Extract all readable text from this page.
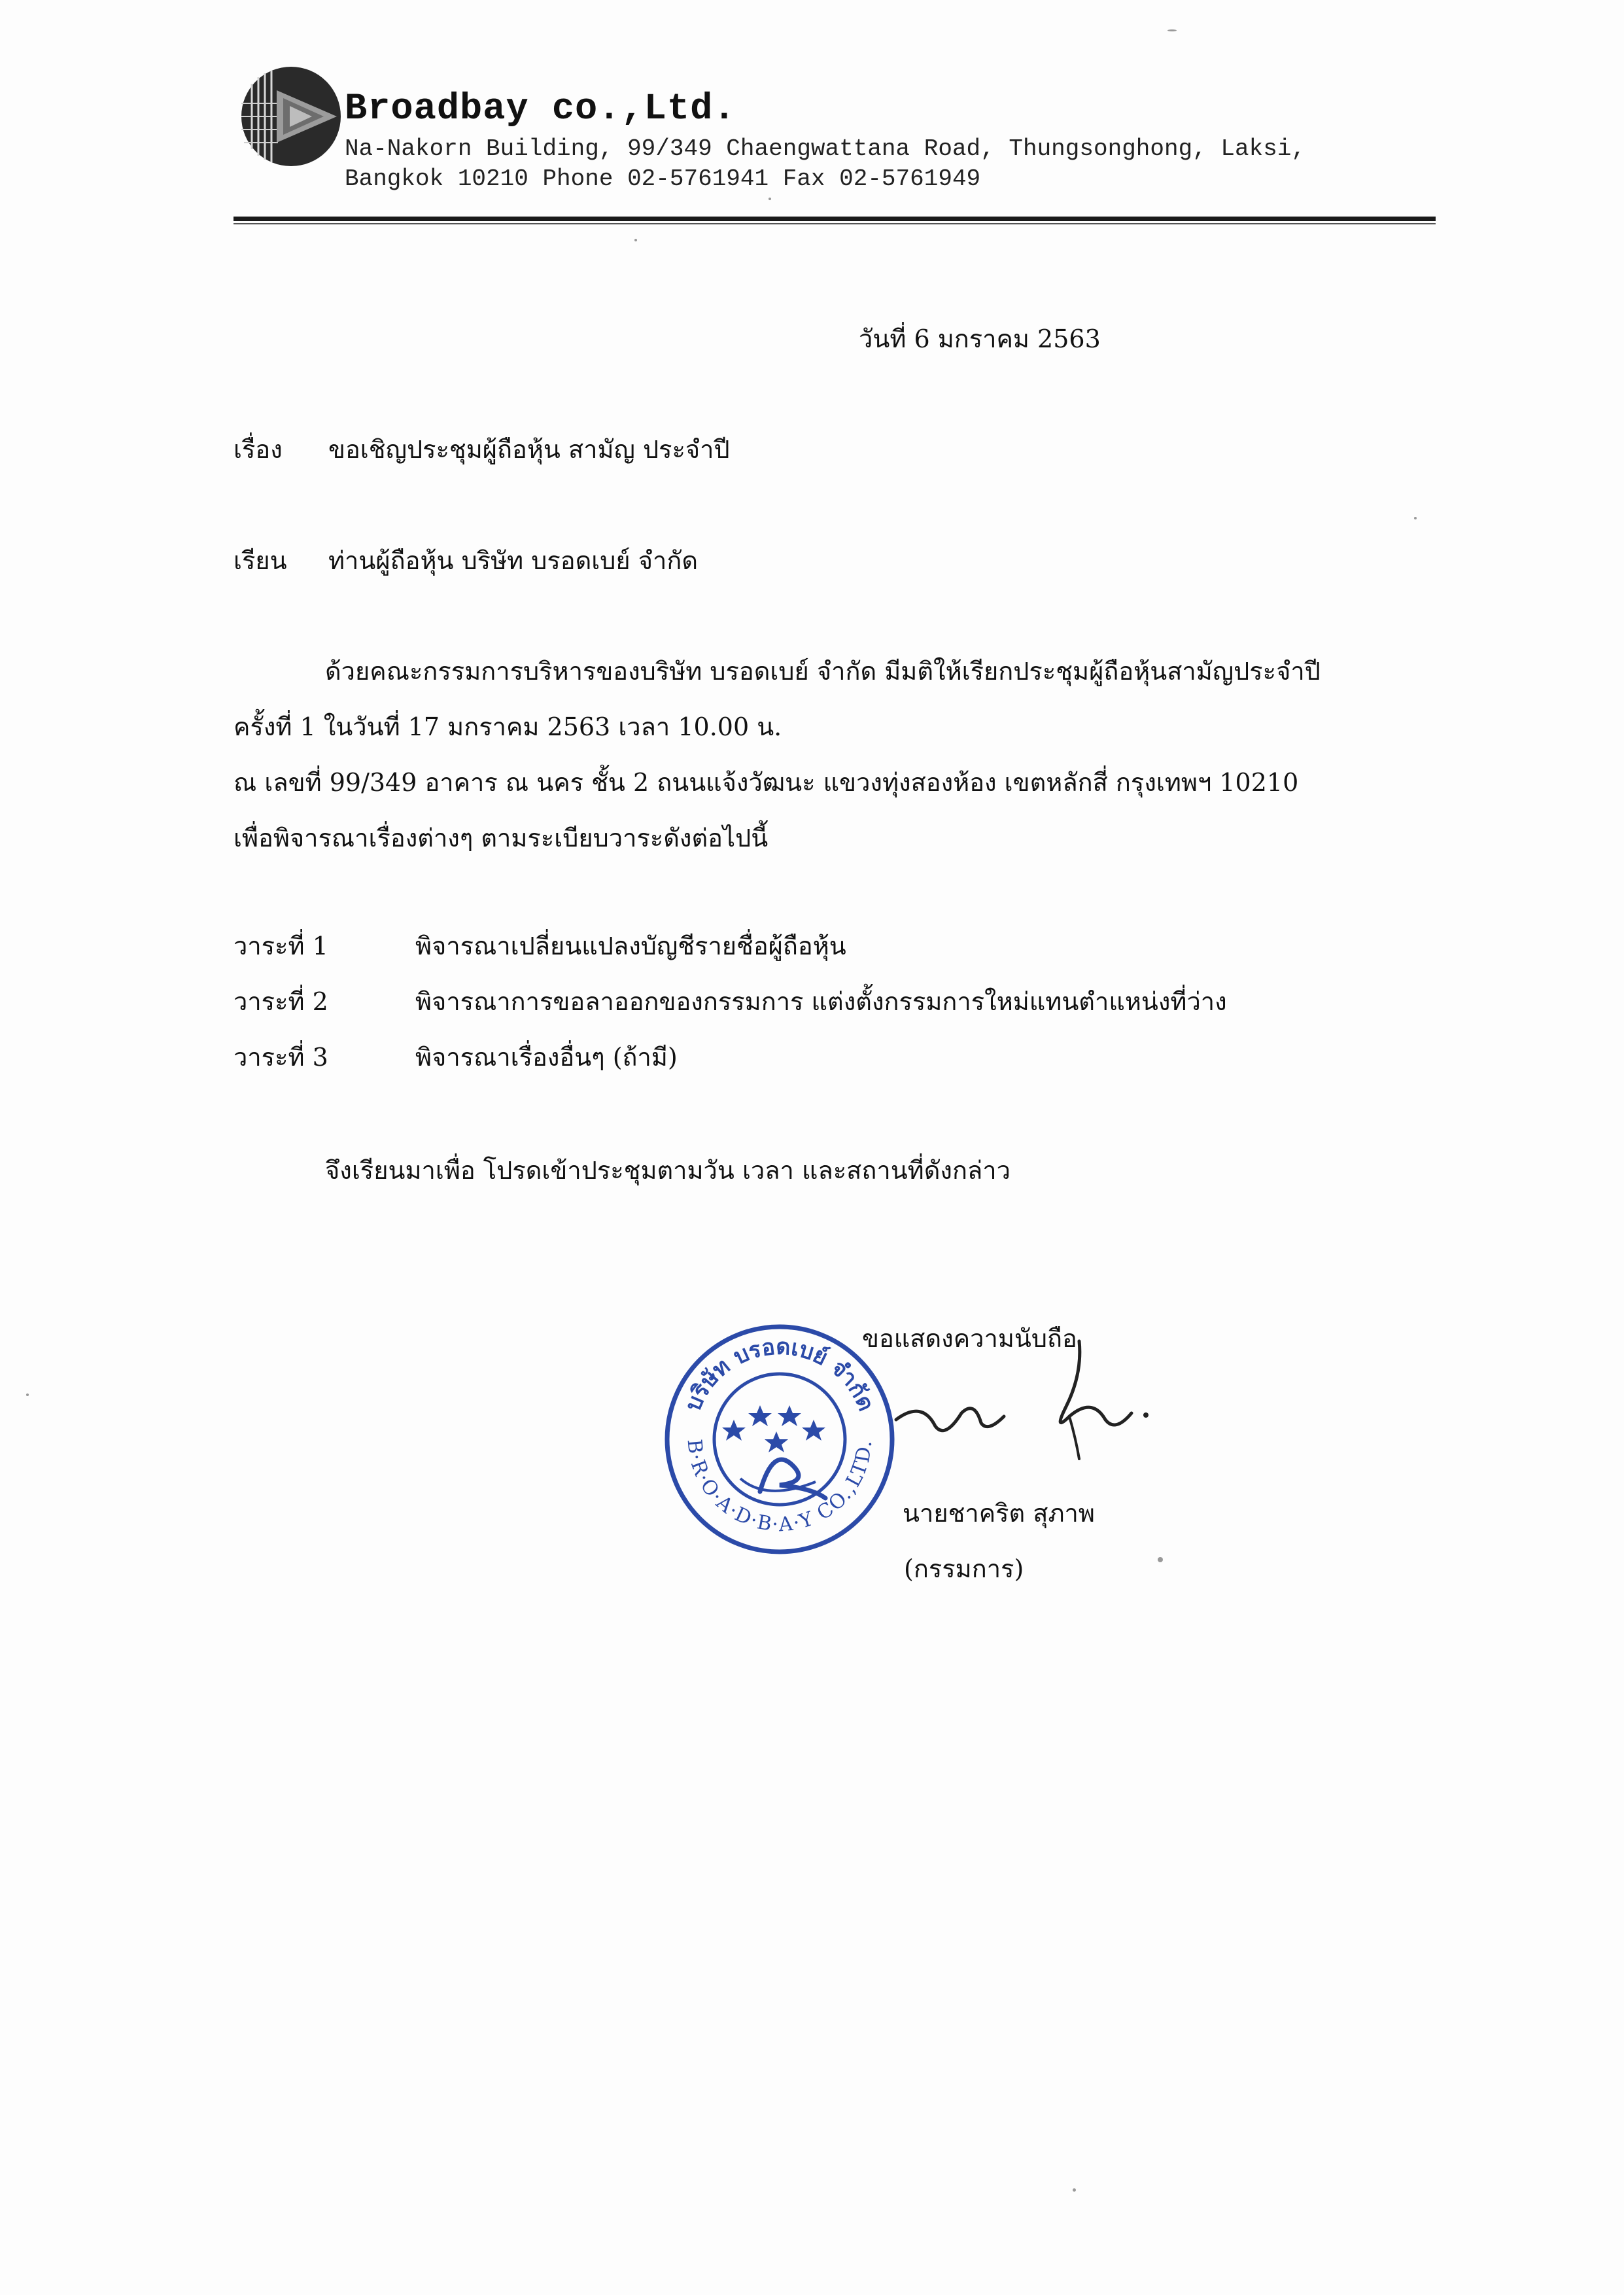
Broadbay co.,Ltd.
Na-Nakorn Building, 99/349 Chaengwattana Road, Thungsonghong, Laksi,
Bangkok 10210 Phone 02-5761941 Fax 02-5761949
วันที่ 6 มกราคม 2563
เรื่อง ขอเชิญประชุมผู้ถือหุ้น สามัญ ประจำปี
เรียน ท่านผู้ถือหุ้น บริษัท บรอดเบย์ จำกัด
ด้วยคณะกรรมการบริหารของบริษัท บรอดเบย์ จำกัด มีมติให้เรียกประชุมผู้ถือหุ้นสามัญประจำปี
ครั้งที่ 1 ในวันที่ 17 มกราคม 2563 เวลา 10.00 น.
ณ เลขที่ 99/349 อาคาร ณ นคร ชั้น 2 ถนนแจ้งวัฒนะ แขวงทุ่งสองห้อง เขตหลักสี่ กรุงเทพฯ 10210
เพื่อพิจารณาเรื่องต่างๆ ตามระเบียบวาระดังต่อไปนี้
วาระที่ 1	พิจารณาเปลี่ยนแปลงบัญชีรายชื่อผู้ถือหุ้น
วาระที่ 2	พิจารณาการขอลาออกของกรรมการ แต่งตั้งกรรมการใหม่แทนตำแหน่งที่ว่าง
วาระที่ 3	พิจารณาเรื่องอื่นๆ (ถ้ามี)
จึงเรียนมาเพื่อ โปรดเข้าประชุมตามวัน เวลา และสถานที่ดังกล่าว
บริษัท บรอดเบย์ จำกัด
B·R·O·A·D·B·A·Y CO.,LTD.
ขอแสดงความนับถือ
นายชาคริต สุภาพ
(กรรมการ)
